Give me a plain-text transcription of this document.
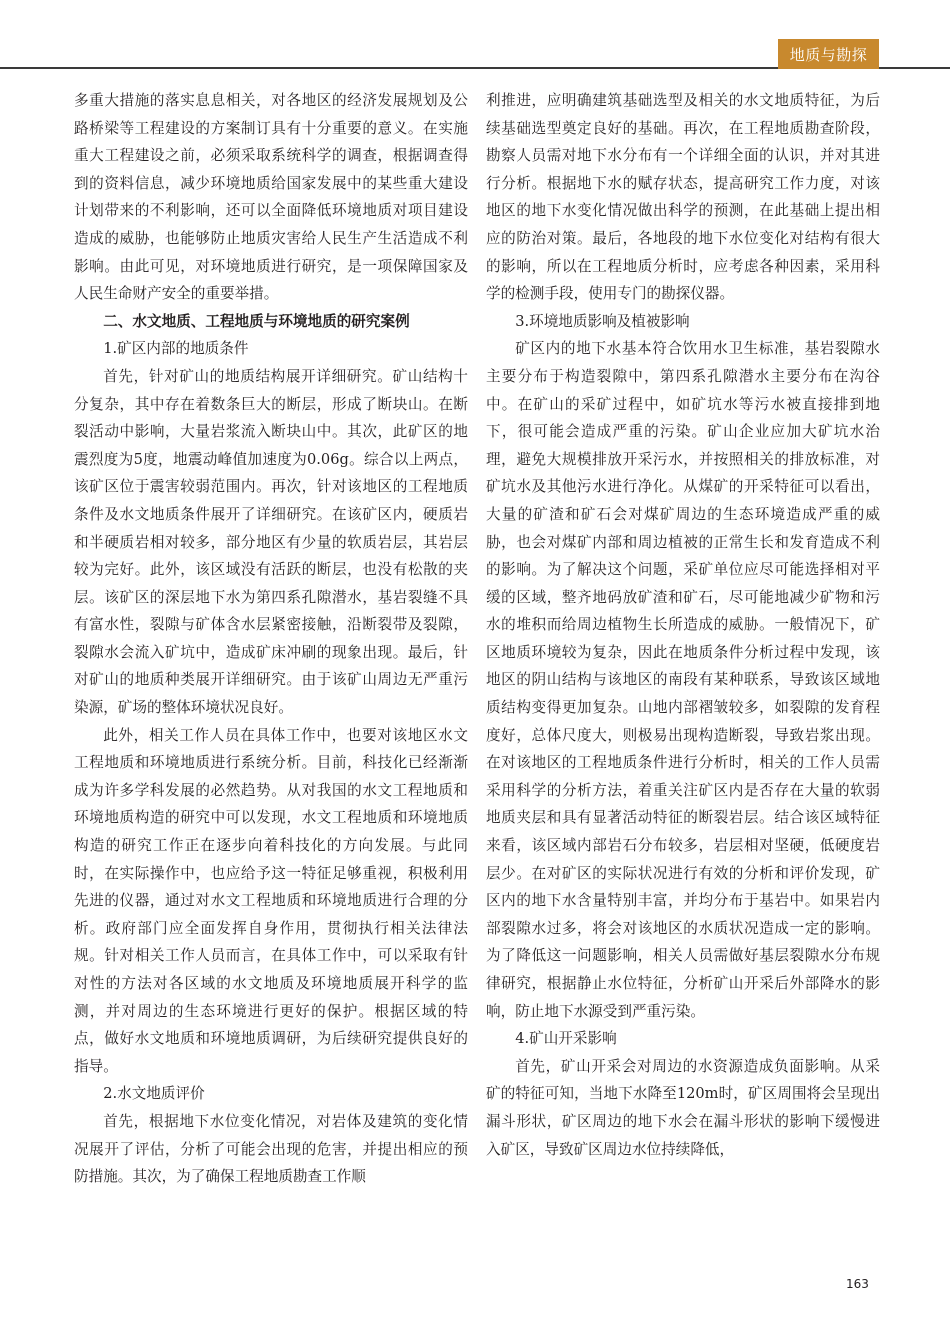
地质与勘探

多重大措施的落实息息相关，对各地区的经济发展规划及公路桥梁等工程建设的方案制订具有十分重要的意义。在实施重大工程建设之前，必须采取系统科学的调查，根据调查得到的资料信息，减少环境地质给国家发展中的某些重大建设计划带来的不利影响，还可以全面降低环境地质对项目建设造成的威胁，也能够防止地质灾害给人民生产生活造成不利影响。由此可见，对环境地质进行研究，是一项保障国家及人民生命财产安全的重要举措。

二、水文地质、工程地质与环境地质的研究案例
1.矿区内部的地质条件

首先，针对矿山的地质结构展开详细研究。矿山结构十分复杂，其中存在着数条巨大的断层，形成了断块山。在断裂活动中影响，大量岩浆流入断块山中。其次，此矿区的地震烈度为5度，地震动峰值加速度为0.06g。综合以上两点，该矿区位于震害较弱范围内。再次，针对该地区的工程地质条件及水文地质条件展开了详细研究。在该矿区内，硬质岩和半硬质岩相对较多，部分地区有少量的软质岩层，其岩层较为完好。此外，该区域没有活跃的断层，也没有松散的夹层。该矿区的深层地下水为第四系孔隙潜水，基岩裂缝不具有富水性，裂隙与矿体含水层紧密接触，沿断裂带及裂隙，裂隙水会流入矿坑中，造成矿床冲刷的现象出现。最后，针对矿山的地质种类展开详细研究。由于该矿山周边无严重污染源，矿场的整体环境状况良好。

此外，相关工作人员在具体工作中，也要对该地区水文工程地质和环境地质进行系统分析。目前，科技化已经渐渐成为许多学科发展的必然趋势。从对我国的水文工程地质和环境地质构造的研究中可以发现，水文工程地质和环境地质构造的研究工作正在逐步向着科技化的方向发展。与此同时，在实际操作中，也应给予这一特征足够重视，积极利用先进的仪器，通过对水文工程地质和环境地质进行合理的分析。政府部门应全面发挥自身作用，贯彻执行相关法律法规。针对相关工作人员而言，在具体工作中，可以采取有针对性的方法对各区域的水文地质及环境地质展开科学的监测，并对周边的生态环境进行更好的保护。根据区域的特点，做好水文地质和环境地质调研，为后续研究提供良好的指导。

2.水文地质评价

首先，根据地下水位变化情况，对岩体及建筑的变化情况展开了评估，分析了可能会出现的危害，并提出相应的预防措施。其次，为了确保工程地质勘查工作顺

利推进，应明确建筑基础选型及相关的水文地质特征，为后续基础选型奠定良好的基础。再次，在工程地质勘查阶段，勘察人员需对地下水分布有一个详细全面的认识，并对其进行分析。根据地下水的赋存状态，提高研究工作力度，对该地区的地下水变化情况做出科学的预测，在此基础上提出相应的防治对策。最后，各地段的地下水位变化对结构有很大的影响，所以在工程地质分析时，应考虑各种因素，采用科学的检测手段，使用专门的勘探仪器。

3.环境地质影响及植被影响

矿区内的地下水基本符合饮用水卫生标准，基岩裂隙水主要分布于构造裂隙中，第四系孔隙潜水主要分布在沟谷中。在矿山的采矿过程中，如矿坑水等污水被直接排到地下，很可能会造成严重的污染。矿山企业应加大矿坑水治理，避免大规模排放开采污水，并按照相关的排放标准，对矿坑水及其他污水进行净化。从煤矿的开采特征可以看出，大量的矿渣和矿石会对煤矿周边的生态环境造成严重的威胁，也会对煤矿内部和周边植被的正常生长和发育造成不利的影响。为了解决这个问题，采矿单位应尽可能选择相对平缓的区域，整齐地码放矿渣和矿石，尽可能地减少矿物和污水的堆积而给周边植物生长所造成的威胁。一般情况下，矿区地质环境较为复杂，因此在地质条件分析过程中发现，该地区的阴山结构与该地区的南段有某种联系，导致该区域地质结构变得更加复杂。山地内部褶皱较多，如裂隙的发育程度好，总体尺度大，则极易出现构造断裂，导致岩浆出现。在对该地区的工程地质条件进行分析时，相关的工作人员需采用科学的分析方法，着重关注矿区内是否存在大量的软弱地质夹层和具有显著活动特征的断裂岩层。结合该区域特征来看，该区域内部岩石分布较多，岩层相对坚硬，低硬度岩层少。在对矿区的实际状况进行有效的分析和评价发现，矿区内的地下水含量特别丰富，并均分布于基岩中。如果岩内部裂隙水过多，将会对该地区的水质状况造成一定的影响。为了降低这一问题影响，相关人员需做好基层裂隙水分布规律研究，根据静止水位特征，分析矿山开采后外部降水的影响，防止地下水源受到严重污染。

4.矿山开采影响

首先，矿山开采会对周边的水资源造成负面影响。从采矿的特征可知，当地下水降至120m时，矿区周围将会呈现出漏斗形状，矿区周边的地下水会在漏斗形状的影响下缓慢进入矿区，导致矿区周边水位持续降低，

163
